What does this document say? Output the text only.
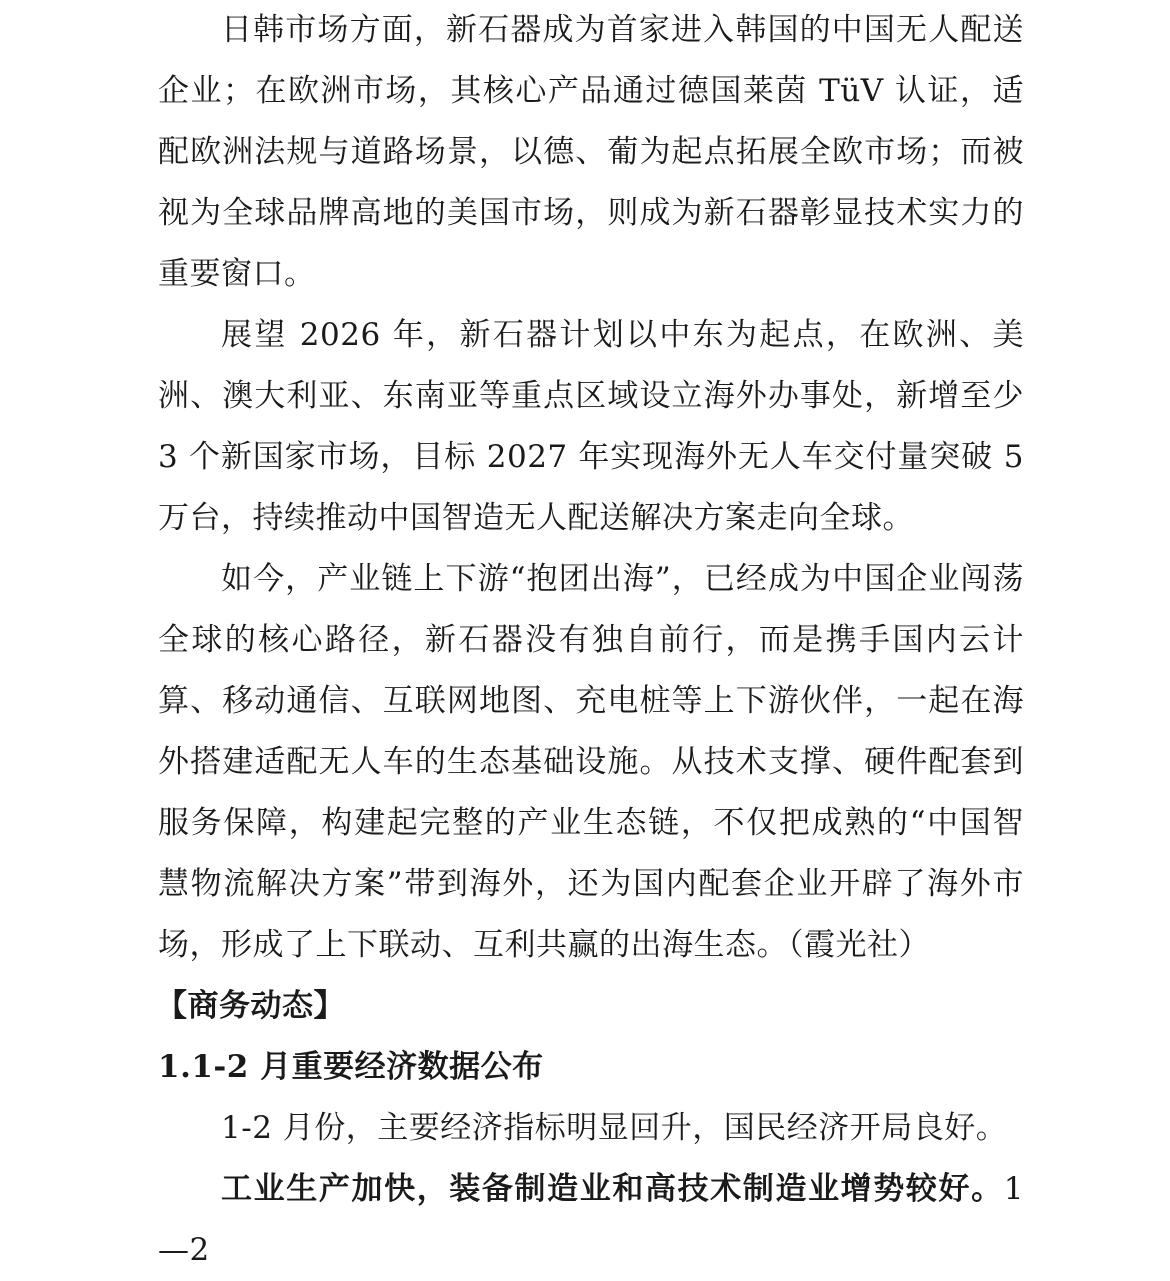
日韩市场方面，新石器成为首家进入韩国的中国无人配送企业；在欧洲市场，其核心产品通过德国莱茵 TüV 认证，适配欧洲法规与道路场景，以德、葡为起点拓展全欧市场；而被视为全球品牌高地的美国市场，则成为新石器彰显技术实力的重要窗口。

展望 2026 年，新石器计划以中东为起点，在欧洲、美洲、澳大利亚、东南亚等重点区域设立海外办事处，新增至少 3 个新国家市场，目标 2027 年实现海外无人车交付量突破 5 万台，持续推动中国智造无人配送解决方案走向全球。

如今，产业链上下游“抱团出海”，已经成为中国企业闯荡全球的核心路径，新石器没有独自前行，而是携手国内云计算、移动通信、互联网地图、充电桩等上下游伙伴，一起在海外搭建适配无人车的生态基础设施。从技术支撑、硬件配套到服务保障，构建起完整的产业生态链，不仅把成熟的“中国智慧物流解决方案”带到海外，还为国内配套企业开辟了海外市场，形成了上下联动、互利共赢的出海生态。（霞光社）

【商务动态】

1.1-2 月重要经济数据公布

1-2 月份，主要经济指标明显回升，国民经济开局良好。

工业生产加快，装备制造业和高技术制造业增势较好。1—2
